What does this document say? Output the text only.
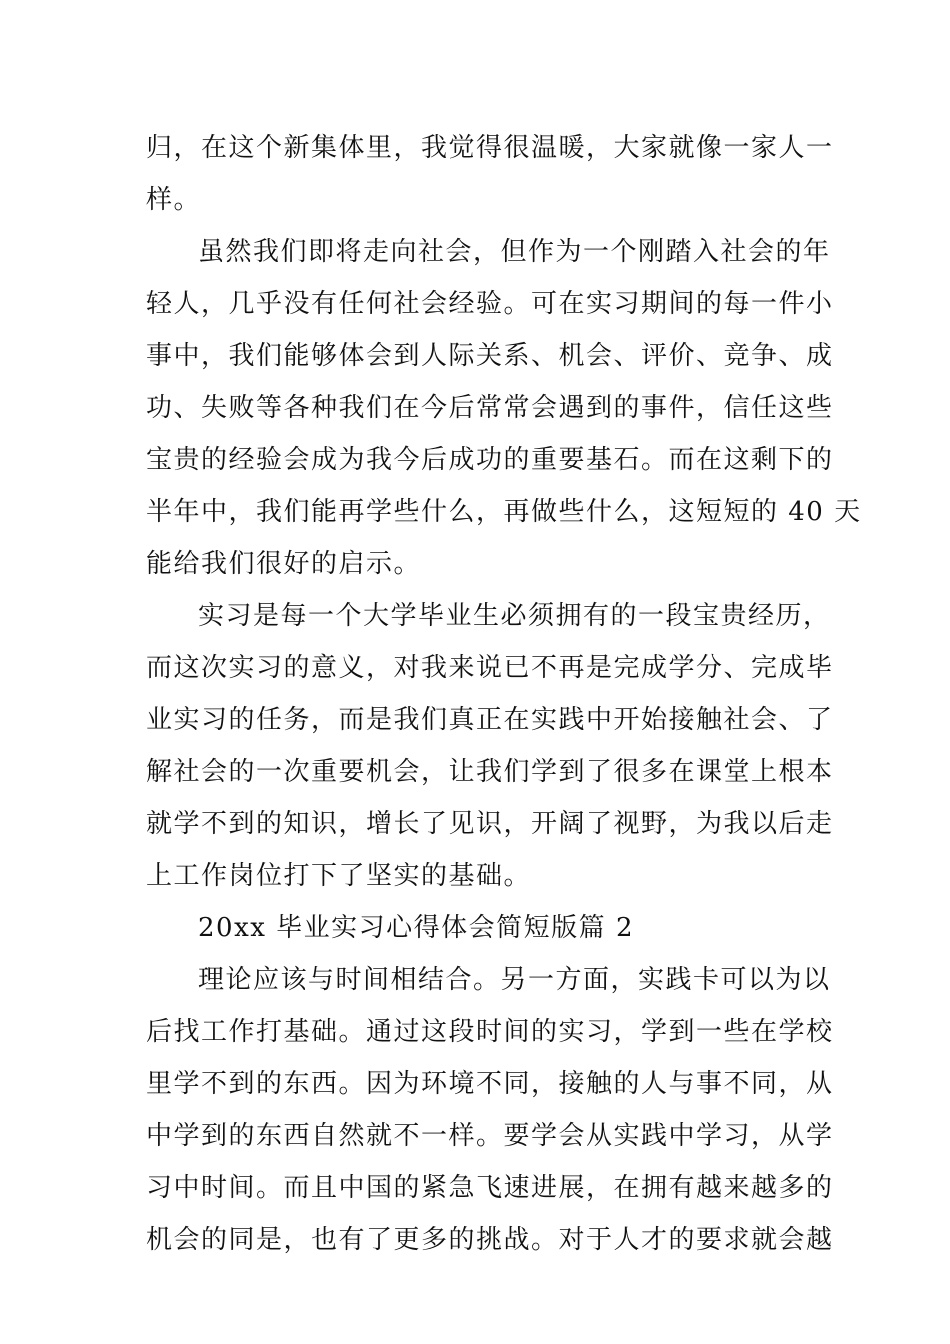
归，在这个新集体里，我觉得很温暖，大家就像一家人一
样。
虽然我们即将走向社会，但作为一个刚踏入社会的年
轻人，几乎没有任何社会经验。可在实习期间的每一件小
事中，我们能够体会到人际关系、机会、评价、竞争、成
功、失败等各种我们在今后常常会遇到的事件，信任这些
宝贵的经验会成为我今后成功的重要基石。而在这剩下的
半年中，我们能再学些什么，再做些什么，这短短的 40 天
能给我们很好的启示。
实习是每一个大学毕业生必须拥有的一段宝贵经历，
而这次实习的意义，对我来说已不再是完成学分、完成毕
业实习的任务，而是我们真正在实践中开始接触社会、了
解社会的一次重要机会，让我们学到了很多在课堂上根本
就学不到的知识，增长了见识，开阔了视野，为我以后走
上工作岗位打下了坚实的基础。
20xx 毕业实习心得体会简短版篇 2
理论应该与时间相结合。另一方面，实践卡可以为以
后找工作打基础。通过这段时间的实习，学到一些在学校
里学不到的东西。因为环境不同，接触的人与事不同，从
中学到的东西自然就不一样。要学会从实践中学习，从学
习中时间。而且中国的紧急飞速进展，在拥有越来越多的
机会的同是，也有了更多的挑战。对于人才的要求就会越
